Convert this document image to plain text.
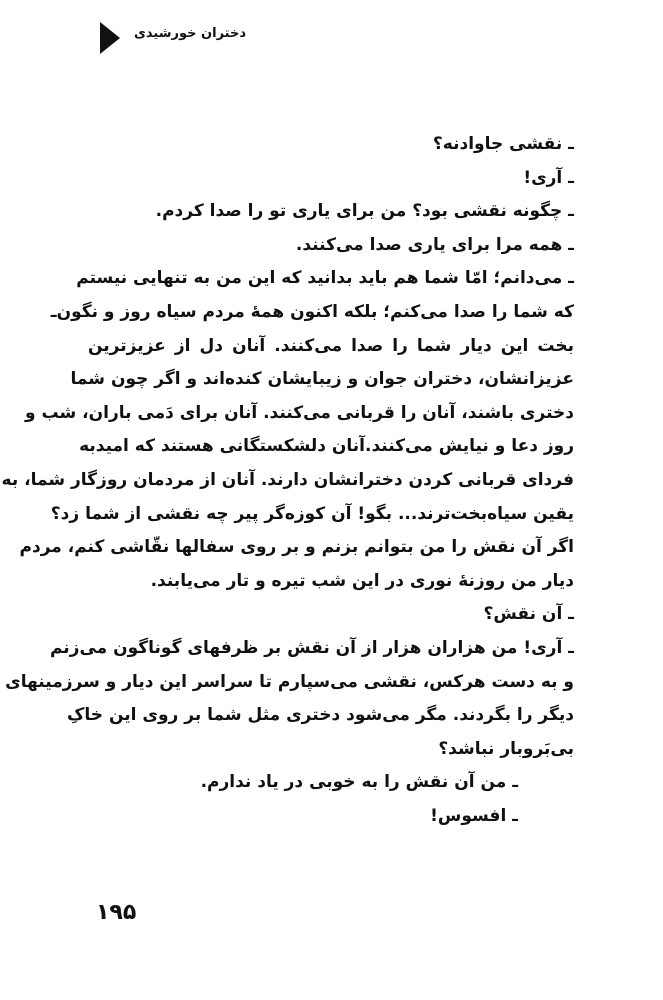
دختران خورشیدی
ـ نقشی جاوادنه؟
ـ آری!
ـ چگونه نقشی بود؟ من برای یاری تو را صدا کردم.
ـ همه مرا برای یاری صدا می‌کنند.
ـ می‌دانم؛ امّا شما هم باید بدانید که این من به تنهایی نیستم
که شما را صدا می‌کنم؛ بلکه اکنون همهٔ مردم سیاه روز و نگون‌ـ
بخت این دیار شما را صدا می‌کنند. آنان دل از عزیزترین
عزیزانشان، دختران جوان و زیبایشان کنده‌اند و اگر چون شما
دختری باشند، آنان را قربانی می‌کنند. آنان برای دَمی باران، شب و
روز دعا و نیایش می‌کنند.آنان دلشکستگانی هستند که امیدبه
فردای قربانی کردن دخترانشان دارند. آنان از مردمان روزگار شما، به
یقین سیاه‌بخت‌ترند... بگو! آن کوزه‌گر پیر چه نقشی از شما زد؟
اگر آن نقش را من بتوانم بزنم و بر روی سفالها نقّاشی کنم، مردم
دیار من روزنهٔ نوری در این شب تیره و تار می‌یابند.
ـ آن نقش؟
ـ آری! من هزاران هزار از آن نقش بر ظرفهای گوناگون می‌زنم
و به دست هرکس، نقشی می‌سپارم تا سراسر این دیار و سرزمینهای
دیگر را بگردند. مگر می‌شود دختری مثل شما بر روی این خاکِ
بی‌بَروبار نباشد؟
ـ من آن نقش را به خوبی در یاد ندارم.
ـ افسوس!
۱۹۵
